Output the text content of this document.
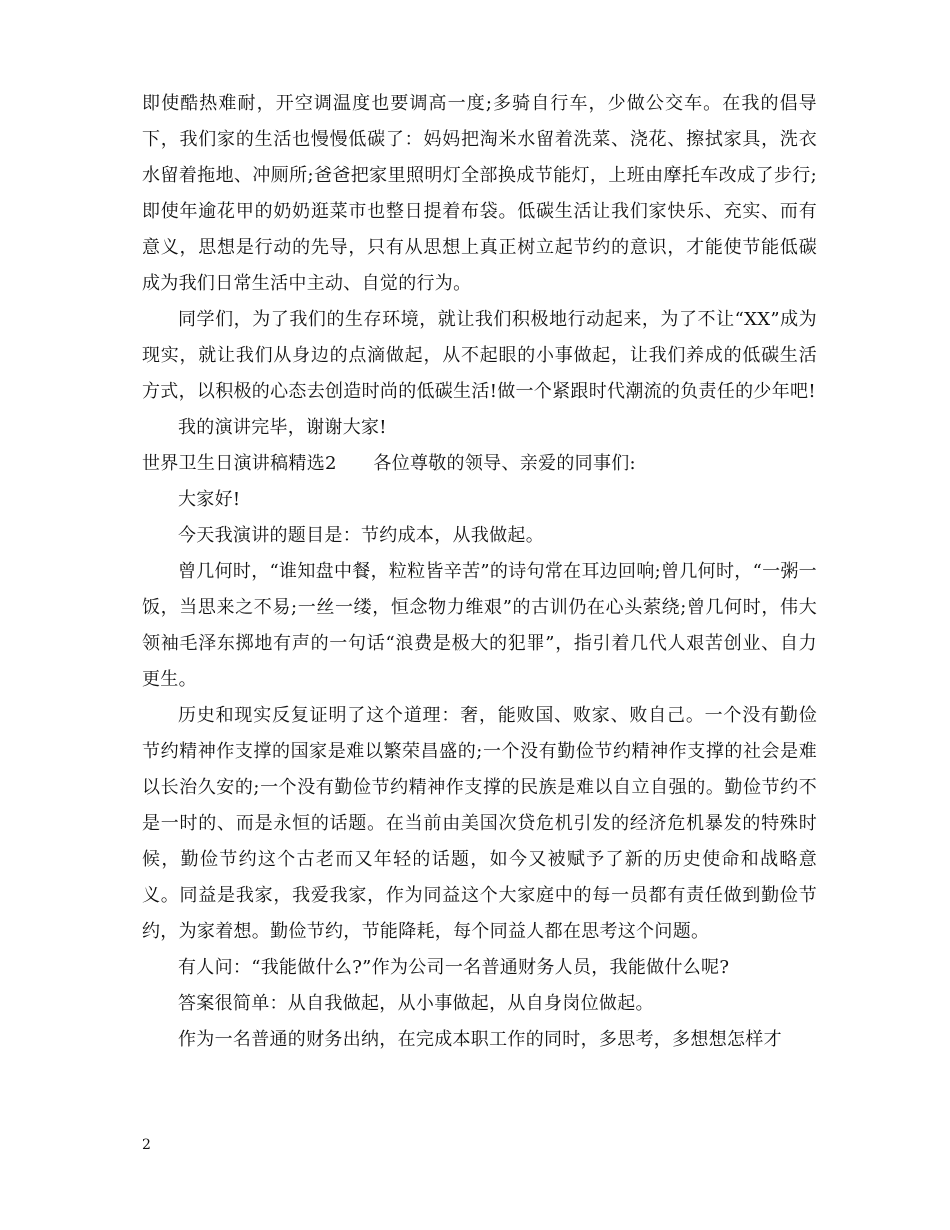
即使酷热难耐，开空调温度也要调高一度;多骑自行车，少做公交车。在我的倡导下，我们家的生活也慢慢低碳了：妈妈把淘米水留着洗菜、浇花、擦拭家具，洗衣水留着拖地、冲厕所;爸爸把家里照明灯全部换成节能灯，上班由摩托车改成了步行;即使年逾花甲的奶奶逛菜市也整日提着布袋。低碳生活让我们家快乐、充实、而有意义，思想是行动的先导，只有从思想上真正树立起节约的意识，才能使节能低碳成为我们日常生活中主动、自觉的行为。

同学们，为了我们的生存环境，就让我们积极地行动起来，为了不让“XX”成为现实，就让我们从身边的点滴做起，从不起眼的小事做起，让我们养成的低碳生活方式，以积极的心态去创造时尚的低碳生活!做一个紧跟时代潮流的负责任的少年吧!

我的演讲完毕，谢谢大家!

世界卫生日演讲稿精选2　　各位尊敬的领导、亲爱的同事们:

大家好!

今天我演讲的题目是：节约成本，从我做起。

曾几何时，“谁知盘中餐，粒粒皆辛苦”的诗句常在耳边回响;曾几何时，“一粥一饭，当思来之不易;一丝一缕，恒念物力维艰”的古训仍在心头萦绕;曾几何时，伟大领袖毛泽东掷地有声的一句话“浪费是极大的犯罪”，指引着几代人艰苦创业、自力更生。

历史和现实反复证明了这个道理：奢，能败国、败家、败自己。一个没有勤俭节约精神作支撑的国家是难以繁荣昌盛的;一个没有勤俭节约精神作支撑的社会是难以长治久安的;一个没有勤俭节约精神作支撑的民族是难以自立自强的。勤俭节约不是一时的、而是永恒的话题。在当前由美国次贷危机引发的经济危机暴发的特殊时候，勤俭节约这个古老而又年轻的话题，如今又被赋予了新的历史使命和战略意义。同益是我家，我爱我家，作为同益这个大家庭中的每一员都有责任做到勤俭节约，为家着想。勤俭节约，节能降耗，每个同益人都在思考这个问题。

有人问：“我能做什么?”作为公司一名普通财务人员，我能做什么呢?

答案很简单：从自我做起，从小事做起，从自身岗位做起。

作为一名普通的财务出纳，在完成本职工作的同时，多思考，多想想怎样才

2
